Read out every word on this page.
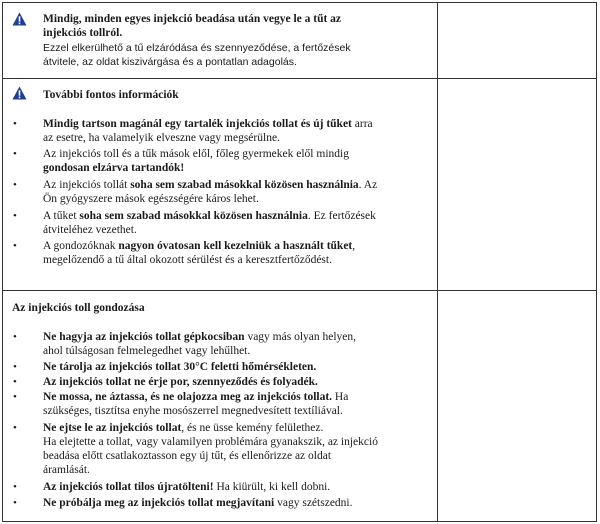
Mindig, minden egyes injekció beadása után vegye le a tűt az
injekciós tollról.
Ezzel elkerülhető a tű elzáródása és szennyeződése, a fertőzések
átvitele, az oldat kiszivárgása és a pontatlan adagolás.
További fontos információk
• Mindig tartson magánál egy tartalék injekciós tollat és új tűket arra
az esetre, ha valamelyik elveszne vagy megsérülne.
• Az injekciós toll és a tűk mások elől, főleg gyermekek elől mindig
gondosan elzárva tartandók!
• Az injekciós tollát soha sem szabad másokkal közösen használnia. Az
Ön gyógyszere mások egészségére káros lehet.
• A tűket soha sem szabad másokkal közösen használnia. Ez fertőzések
átviteléhez vezethet.
• A gondozóknak nagyon óvatosan kell kezelniük a használt tűket,
megelőzendő a tű által okozott sérülést és a keresztfertőződést.
Az injekciós toll gondozása
• Ne hagyja az injekciós tollat gépkocsiban vagy más olyan helyen,
ahol túlságosan felmelegedhet vagy lehűlhet.
• Ne tárolja az injekciós tollat 30°C feletti hőmérsékleten.
• Az injekciós tollat ne érje por, szennyeződés és folyadék.
• Ne mossa, ne áztassa, és ne olajozza meg az injekciós tollat. Ha
szükséges, tisztítsa enyhe mosószerrel megnedvesített textíliával.
• Ne ejtse le az injekciós tollat, és ne üsse kemény felülethez.
Ha elejtette a tollat, vagy valamilyen problémára gyanakszik, az injekció
beadása előtt csatlakoztasson egy új tűt, és ellenőrizze az oldat
áramlását.
• Az injekciós tollat tilos újratölteni! Ha kiürült, ki kell dobni.
• Ne próbálja meg az injekciós tollat megjavítani vagy szétszedni.
